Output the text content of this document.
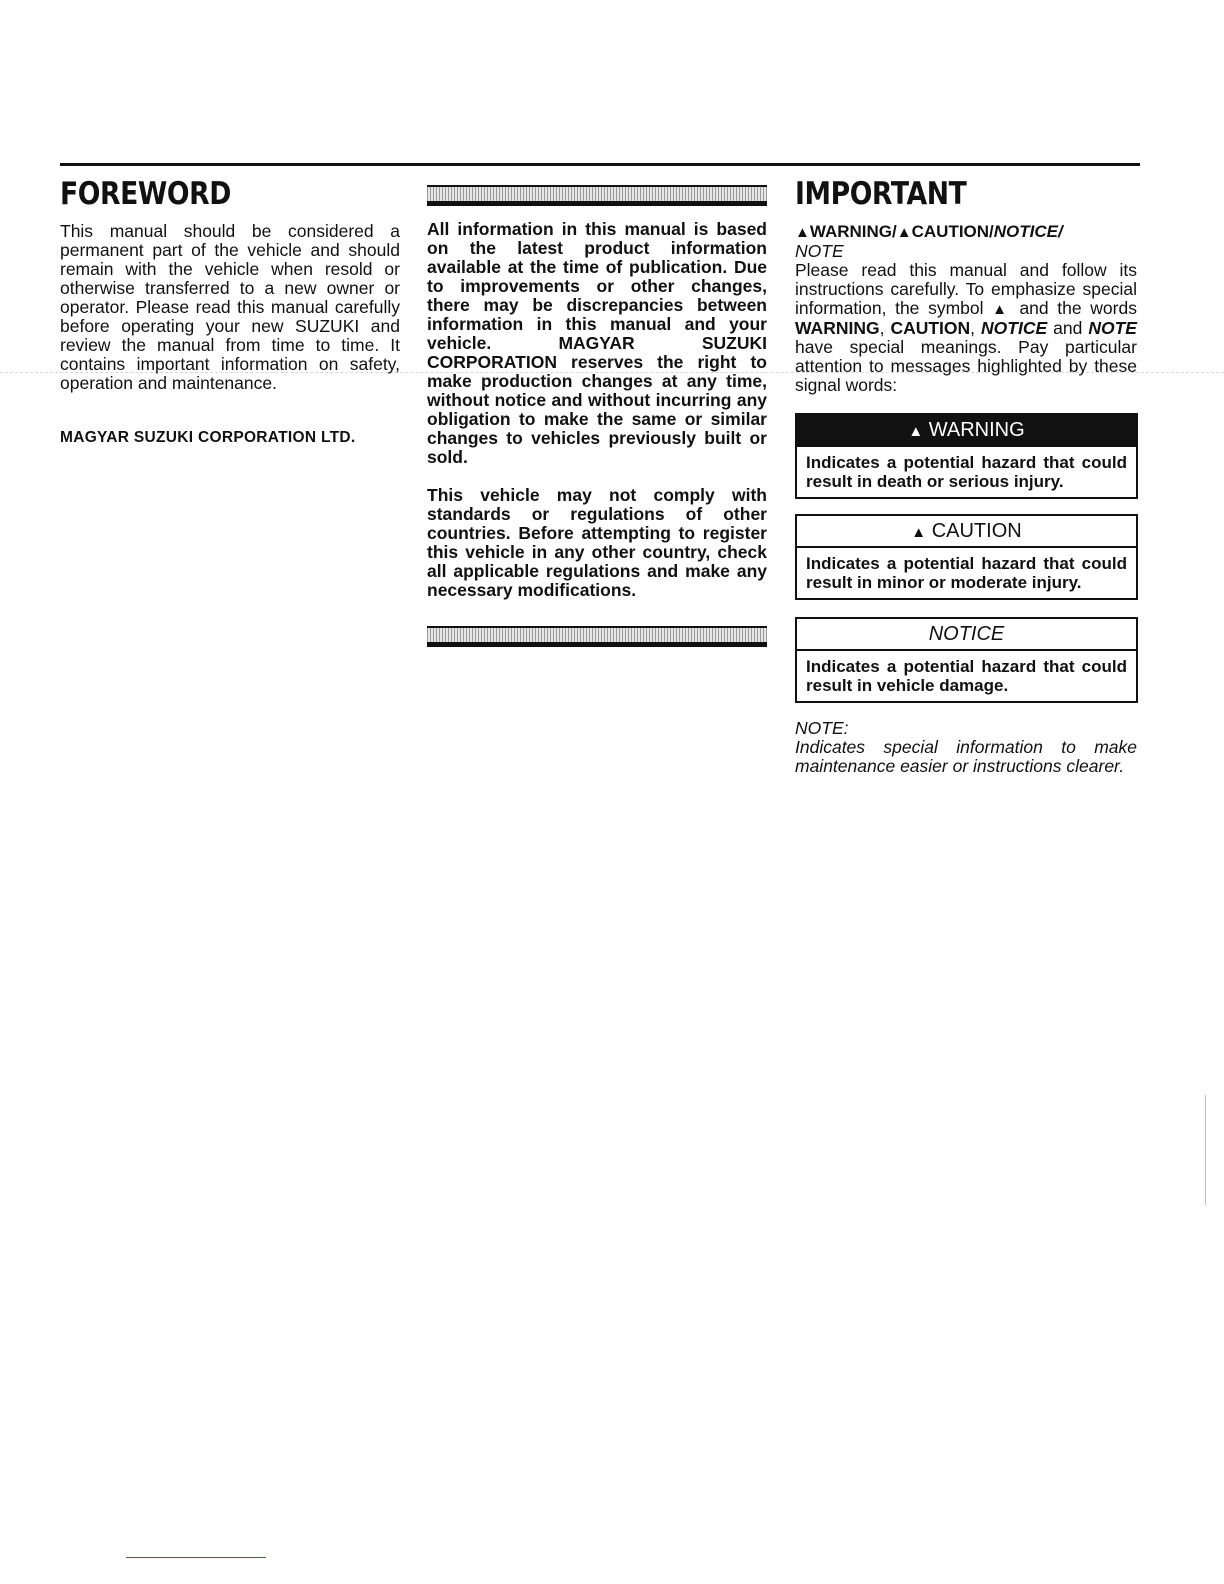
FOREWORD

This manual should be considered a permanent part of the vehicle and should remain with the vehicle when resold or otherwise transferred to a new owner or operator. Please read this manual carefully before operating your new SUZUKI and review the manual from time to time. It contains important information on safety, operation and maintenance.

MAGYAR SUZUKI CORPORATION LTD.

All information in this manual is based on the latest product information available at the time of publication. Due to improvements or other changes, there may be discrepancies between information in this manual and your vehicle. MAGYAR SUZUKI CORPORATION reserves the right to make production changes at any time, without notice and without incurring any obligation to make the same or similar changes to vehicles previously built or sold.

This vehicle may not comply with standards or regulations of other countries. Before attempting to register this vehicle in any other country, check all applicable regulations and make any necessary modifications.

IMPORTANT
▲WARNING/▲CAUTION/NOTICE/
NOTE

Please read this manual and follow its instructions carefully. To emphasize special information, the symbol ▲ and the words WARNING, CAUTION, NOTICE and NOTE have special meanings. Pay particular attention to messages highlighted by these signal words:

▲ WARNING
Indicates a potential hazard that could result in death or serious injury.
▲ CAUTION
Indicates a potential hazard that could result in minor or moderate injury.
NOTICE
Indicates a potential hazard that could result in vehicle damage.
NOTE:

Indicates special information to make maintenance easier or instructions clearer.
